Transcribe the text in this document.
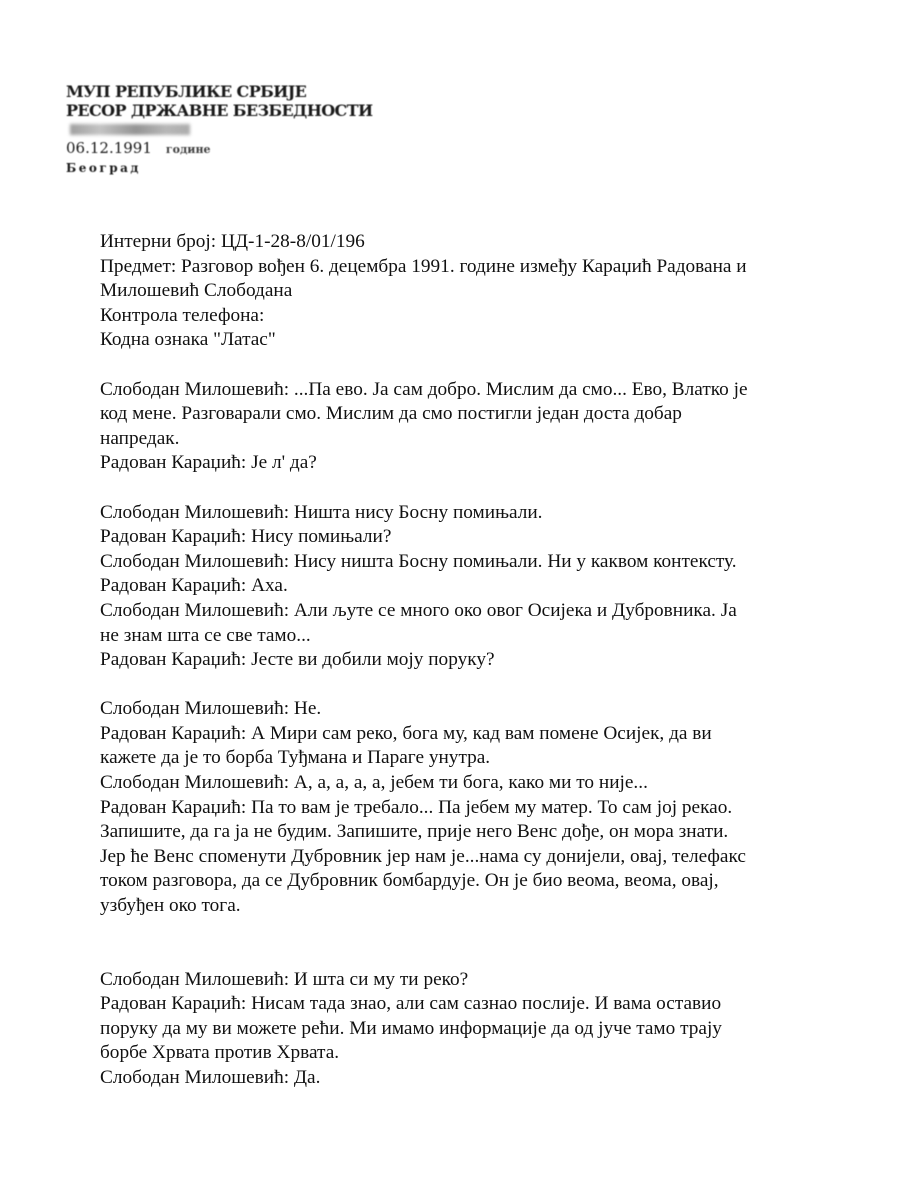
МУП РЕПУБЛИКЕ СРБИЈЕ
РЕСОР ДРЖАВНЕ БЕЗБЕДНОСТИ
06.12.1991 године
Београд
Интерни број: ЦД-1-28-8/01/196
Предмет: Разговор вођен 6. децембра 1991. године између Караџић Радована и
Милошевић Слободана
Контрола телефона:
Кодна ознака "Латас"
Слободан Милошевић: ...Па ево. Ја сам добро. Мислим да смо... Ево, Влатко је
код мене. Разговарали смо. Мислим да смо постигли један доста добар
напредак.
Радован Караџић: Је л' да?
Слободан Милошевић: Ништа нису Босну помињали.
Радован Караџић: Нису помињали?
Слободан Милошевић: Нису ништа Босну помињали. Ни у каквом контексту.
Радован Караџић: Аха.
Слободан Милошевић: Али љуте се много око овог Осијека и Дубровника. Ја
не знам шта се све тамо...
Радован Караџић: Јесте ви добили моју поруку?
Слободан Милошевић: Не.
Радован Караџић: А Мири сам реко, бога му, кад вам помене Осијек, да ви
кажете да је то борба Туђмана и Параге унутра.
Слободан Милошевић: А, а, а, а, а, јебем ти бога, како ми то није...
Радован Караџић: Па то вам је требало... Па јебем му матер. То сам јој рекао.
Запишите, да га ја не будим. Запишите, прије него Венс дође, он мора знати.
Јер ће Венс споменути Дубровник јер нам је...нама су донијели, овај, телефакс
током разговора, да се Дубровник бомбардује. Он је био веома, веома, овај,
узбуђен око тога.
Слободан Милошевић: И шта си му ти реко?
Радован Караџић: Нисам тада знао, али сам сазнао послије. И вама оставио
поруку да му ви можете рећи. Ми имамо информације да од јуче тамо трају
борбе Хрвата против Хрвата.
Слободан Милошевић: Да.
